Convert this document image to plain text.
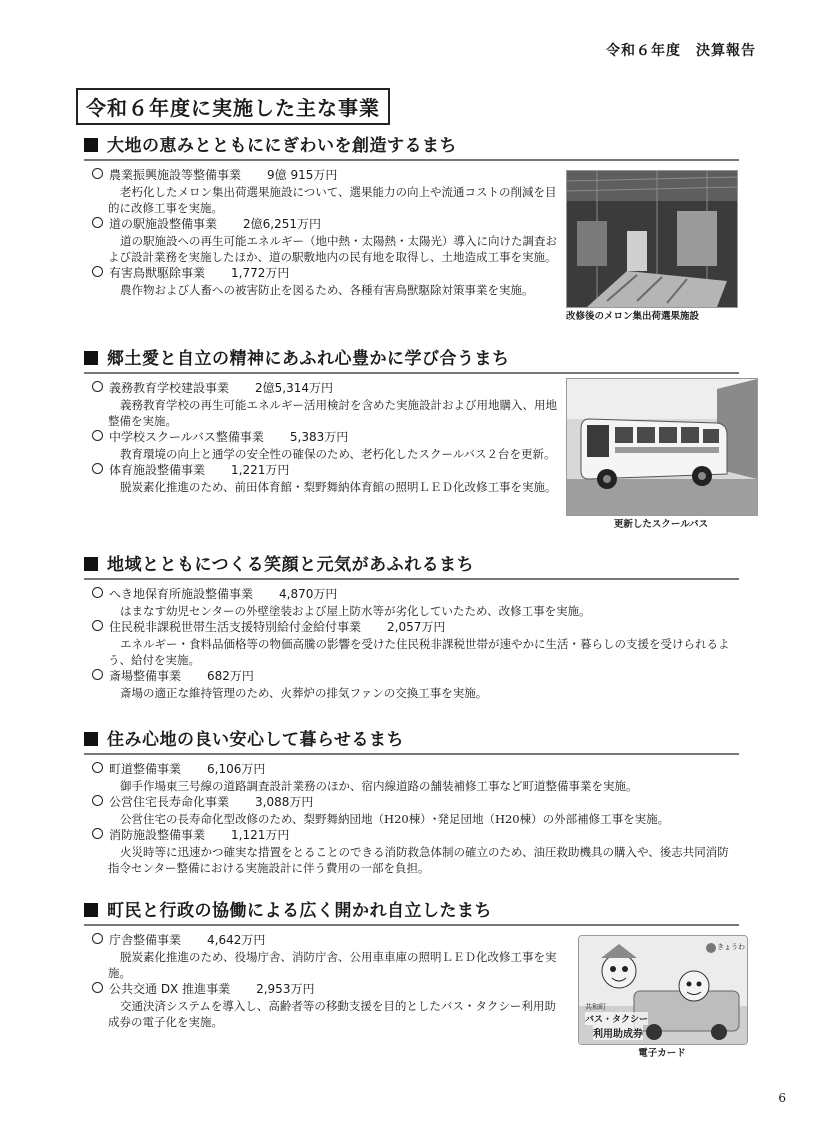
令和６年度　決算報告
令和６年度に実施した主な事業
大地の恵みとともににぎわいを創造するまち
農業振興施設等整備事業 9億 915万円
老朽化したメロン集出荷選果施設について、選果能力の向上や流通コストの削減を目的に改修工事を実施。
道の駅施設整備事業 2億6,251万円
道の駅施設への再生可能エネルギー（地中熱・太陽熱・太陽光）導入に向けた調査および設計業務を実施したほか、道の駅敷地内の民有地を取得し、土地造成工事を実施。
有害鳥獣駆除事業 1,772万円
農作物および人畜への被害防止を図るため、各種有害鳥獣駆除対策事業を実施。
改修後のメロン集出荷選果施設
郷土愛と自立の精神にあふれ心豊かに学び合うまち
義務教育学校建設事業 2億5,314万円
義務教育学校の再生可能エネルギー活用検討を含めた実施設計および用地購入、用地整備を実施。
中学校スクールバス整備事業 5,383万円
教育環境の向上と通学の安全性の確保のため、老朽化したスクールバス２台を更新。
体育施設整備事業 1,221万円
脱炭素化推進のため、前田体育館・梨野舞納体育館の照明ＬＥＤ化改修工事を実施。
更新したスクールバス
地域とともにつくる笑顔と元気があふれるまち
へき地保育所施設整備事業 4,870万円
はまなす幼児センターの外壁塗装および屋上防水等が劣化していたため、改修工事を実施。
住民税非課税世帯生活支援特別給付金給付事業 2,057万円
エネルギー・食料品価格等の物価高騰の影響を受けた住民税非課税世帯が速やかに生活・暮らしの支援を受けられるよう、給付を実施。
斎場整備事業 682万円
斎場の適正な維持管理のため、火葬炉の排気ファンの交換工事を実施。
住み心地の良い安心して暮らせるまち
町道整備事業 6,106万円
御手作場東三号線の道路調査設計業務のほか、宿内線道路の舗装補修工事など町道整備事業を実施。
公営住宅長寿命化事業 3,088万円
公営住宅の長寿命化型改修のため、梨野舞納団地（H20棟）･発足団地（H20棟）の外部補修工事を実施。
消防施設整備事業 1,121万円
火災時等に迅速かつ確実な措置をとることのできる消防救急体制の確立のため、油圧救助機具の購入や、後志共同消防指令センター整備における実施設計に伴う費用の一部を負担。
町民と行政の協働による広く開かれ自立したまち
庁舎整備事業 4,642万円
脱炭素化推進のため、役場庁舎、消防庁舎、公用車車庫の照明ＬＥＤ化改修工事を実施。
公共交通 DX 推進事業 2,953万円
交通決済システムを導入し、高齢者等の移動支援を目的としたバス・タクシー利用助成券の電子化を実施。
きょうわ
共和町
バス・タクシー
利用助成券
電子カード
6
